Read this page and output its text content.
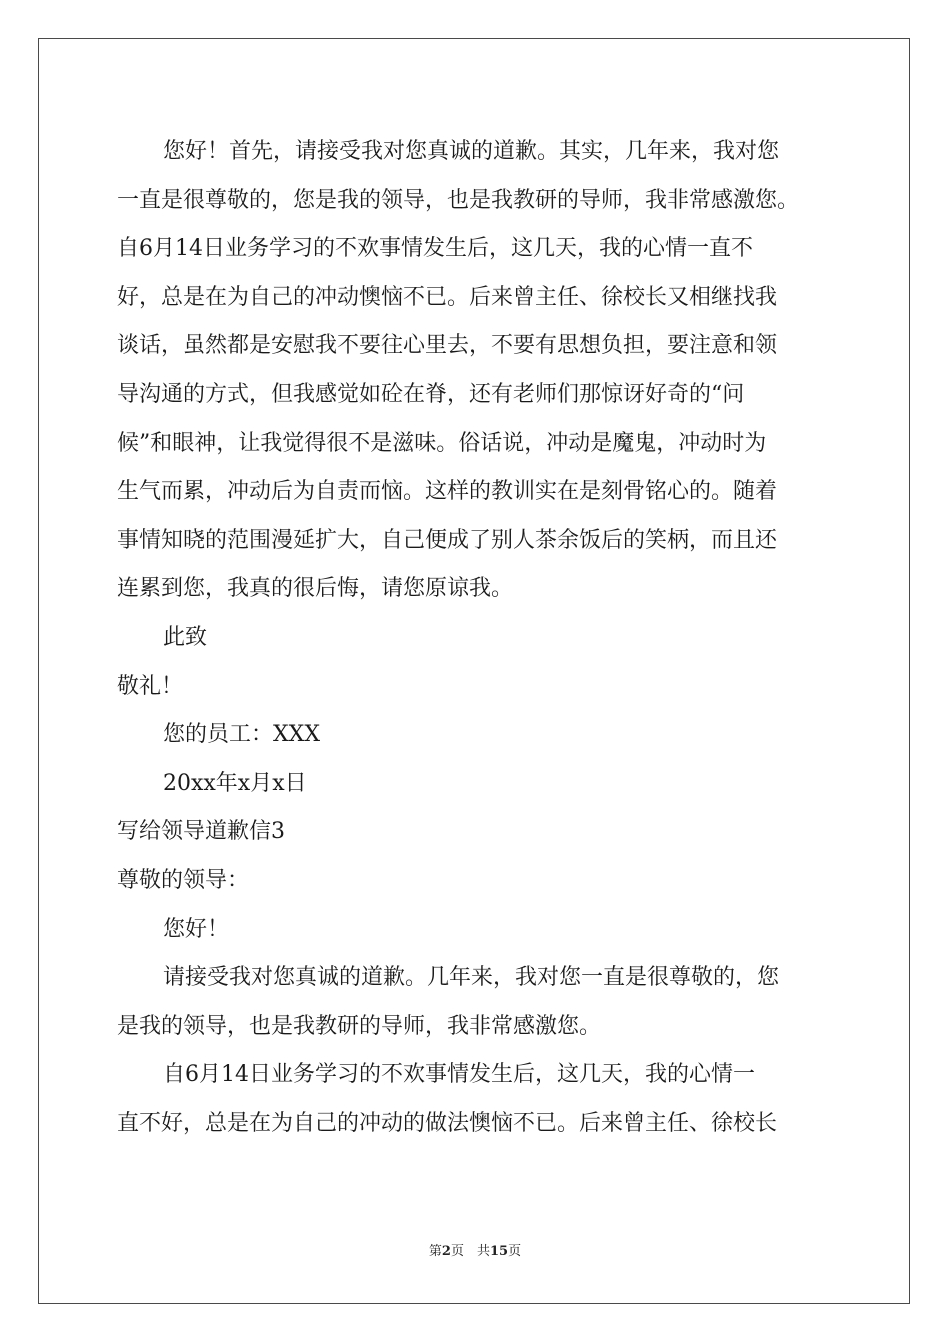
您好！首先，请接受我对您真诚的道歉。其实，几年来，我对您
一直是很尊敬的，您是我的领导，也是我教研的导师，我非常感激您。
自6月14日业务学习的不欢事情发生后，这几天，我的心情一直不
好，总是在为自己的冲动懊恼不已。后来曾主任、徐校长又相继找我
谈话，虽然都是安慰我不要往心里去，不要有思想负担，要注意和领
导沟通的方式，但我感觉如砼在脊，还有老师们那惊讶好奇的“问
候”和眼神，让我觉得很不是滋味。俗话说，冲动是魔鬼，冲动时为
生气而累，冲动后为自责而恼。这样的教训实在是刻骨铭心的。随着
事情知晓的范围漫延扩大，自己便成了别人茶余饭后的笑柄，而且还
连累到您，我真的很后悔，请您原谅我。
此致
敬礼！
您的员工：XXX
20xx年x月x日
写给领导道歉信3
尊敬的领导：
您好！
请接受我对您真诚的道歉。几年来，我对您一直是很尊敬的，您
是我的领导，也是我教研的导师，我非常感激您。
自6月14日业务学习的不欢事情发生后，这几天，我的心情一
直不好，总是在为自己的冲动的做法懊恼不已。后来曾主任、徐校长
第2页　共15页
